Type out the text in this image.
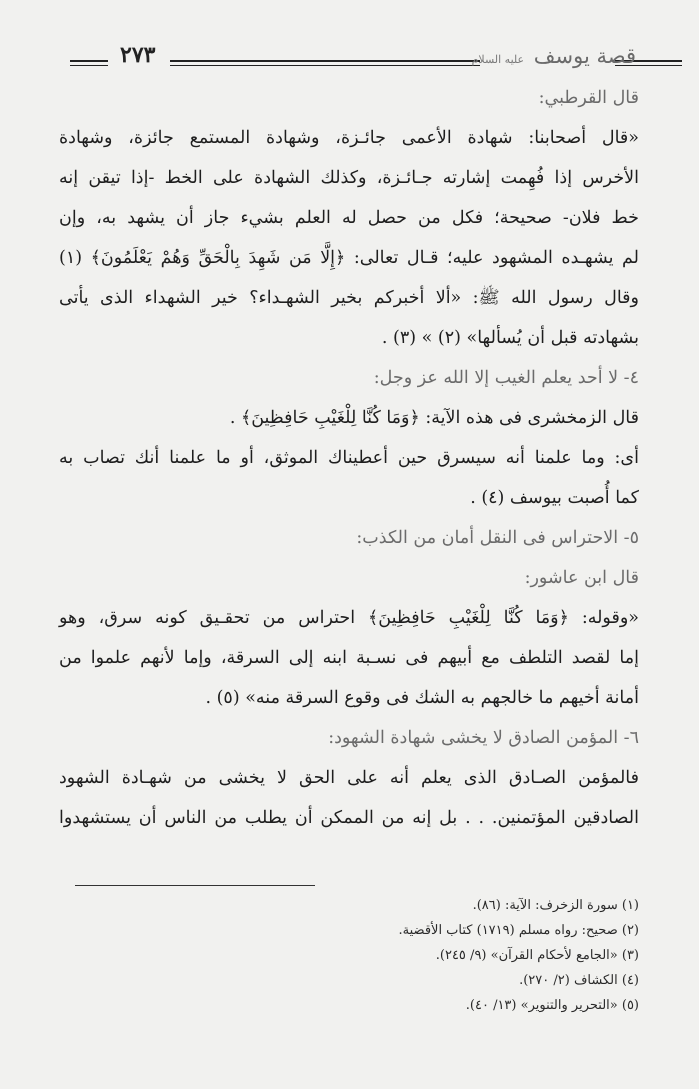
قصة يوسف عليه السلام
٢٧٣
قال القرطبي:
«قال أصحابنا: شهادة الأعمى جائـزة، وشهادة المستمع جائزة، وشهادة
الأخرس إذا فُهِمت إشارته جـائـزة، وكذلك الشهادة على الخط -إذا تيقن إنه
خط فلان- صحيحة؛ فكل من حصل له العلم بشيء جاز أن يشهد به، وإن
لم يشهـده المشهود عليه؛ قـال تعالى: ﴿إِلَّا مَن شَهِدَ بِالْحَقِّ وَهُمْ يَعْلَمُونَ﴾ (١)
وقال رسول الله ﷺ: «ألا أخبركم بخير الشهـداء؟ خير الشهداء الذى يأتى
بشهادته قبل أن يُسألها» (٢) » (٣) .
٤- لا أحد يعلم الغيب إلا الله عز وجل:
قال الزمخشرى فى هذه الآية: ﴿وَمَا كُنَّا لِلْغَيْبِ حَافِظِينَ﴾ .
أى: وما علمنا أنه سيسرق حين أعطيناك الموثق، أو ما علمنا أنك تصاب به
كما أُصبت بيوسف (٤) .
٥- الاحتراس فى النقل أمان من الكذب:
قال ابن عاشور:
«وقوله: ﴿وَمَا كُنَّا لِلْغَيْبِ حَافِظِينَ﴾ احتراس من تحقـيق كونه سرق، وهو
إما لقصد التلطف مع أبيهم فى نسـبة ابنه إلى السرقة، وإما لأنهم علموا من
أمانة أخيهم ما خالجهم به الشك فى وقوع السرقة منه» (٥) .
٦- المؤمن الصادق لا يخشى شهادة الشهود:
فالمؤمن الصـادق الذى يعلم أنه على الحق لا يخشى من شهـادة الشهود
الصادقين المؤتمنين. . . بل إنه من الممكن أن يطلب من الناس أن يستشهدوا
(١) سورة الزخرف: الآية: (٨٦).
(٢) صحيح: رواه مسلم (١٧١٩) كتاب الأقضية.
(٣) «الجامع لأحكام القرآن» (٩/ ٢٤٥).
(٤) الكشاف (٢/ ٢٧٠).
(٥) «التحرير والتنوير» (١٣/ ٤٠).
